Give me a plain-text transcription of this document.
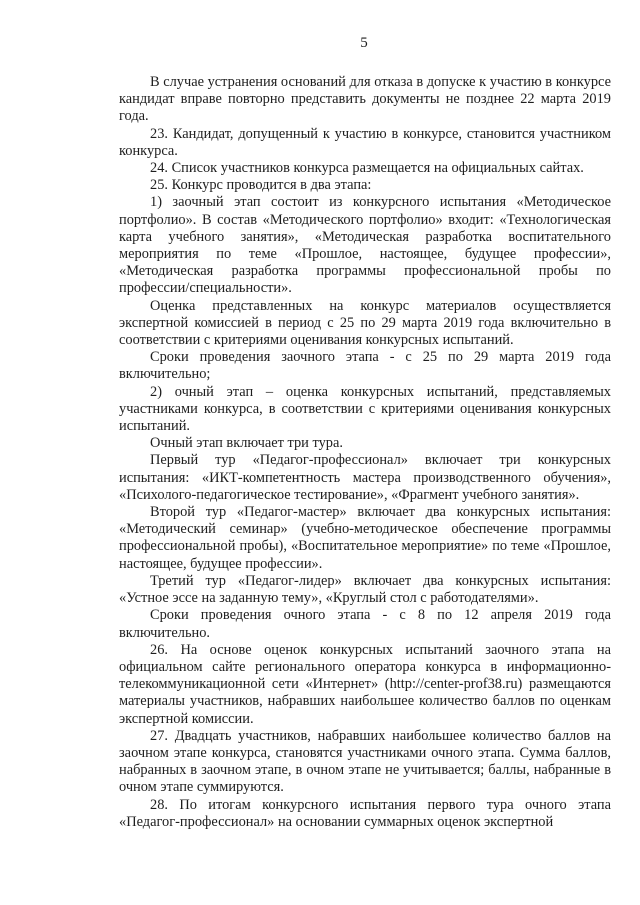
5

В случае устранения оснований для отказа в допуске к участию в конкурсе кандидат вправе повторно представить документы не позднее 22 марта 2019 года.

23. Кандидат, допущенный к участию в конкурсе, становится участником конкурса.

24. Список участников конкурса размещается на официальных сайтах.

25. Конкурс проводится в два этапа:

1) заочный этап состоит из конкурсного испытания «Методическое портфолио». В состав «Методического портфолио» входит: «Технологическая карта учебного занятия», «Методическая разработка воспитательного мероприятия по теме «Прошлое, настоящее, будущее профессии», «Методическая разработка программы профессиональной пробы по профессии/специальности».

Оценка представленных на конкурс материалов осуществляется экспертной комиссией в период с 25 по 29 марта 2019 года включительно в соответствии с критериями оценивания конкурсных испытаний.

Сроки проведения заочного этапа - с 25 по 29 марта 2019 года включительно;

2) очный этап – оценка конкурсных испытаний, представляемых участниками конкурса, в соответствии с критериями оценивания конкурсных испытаний.

Очный этап включает три тура.

Первый тур «Педагог-профессионал» включает три конкурсных испытания: «ИКТ-компетентность мастера производственного обучения», «Психолого-педагогическое тестирование», «Фрагмент учебного занятия».

Второй тур «Педагог-мастер» включает два конкурсных испытания: «Методический семинар» (учебно-методическое обеспечение программы профессиональной пробы), «Воспитательное мероприятие» по теме «Прошлое, настоящее, будущее профессии».

Третий тур «Педагог-лидер» включает два конкурсных испытания: «Устное эссе на заданную тему», «Круглый стол с работодателями».

Сроки проведения очного этапа - с 8 по 12 апреля 2019 года включительно.

26. На основе оценок конкурсных испытаний заочного этапа на официальном сайте регионального оператора конкурса в информационно-телекоммуникационной сети «Интернет» (http://center-prof38.ru) размещаются материалы участников, набравших наибольшее количество баллов по оценкам экспертной комиссии.

27. Двадцать участников, набравших наибольшее количество баллов на заочном этапе конкурса, становятся участниками очного этапа. Сумма баллов, набранных в заочном этапе, в очном этапе не учитывается; баллы, набранные в очном этапе суммируются.

28. По итогам конкурсного испытания первого тура очного этапа «Педагог-профессионал» на основании суммарных оценок экспертной
